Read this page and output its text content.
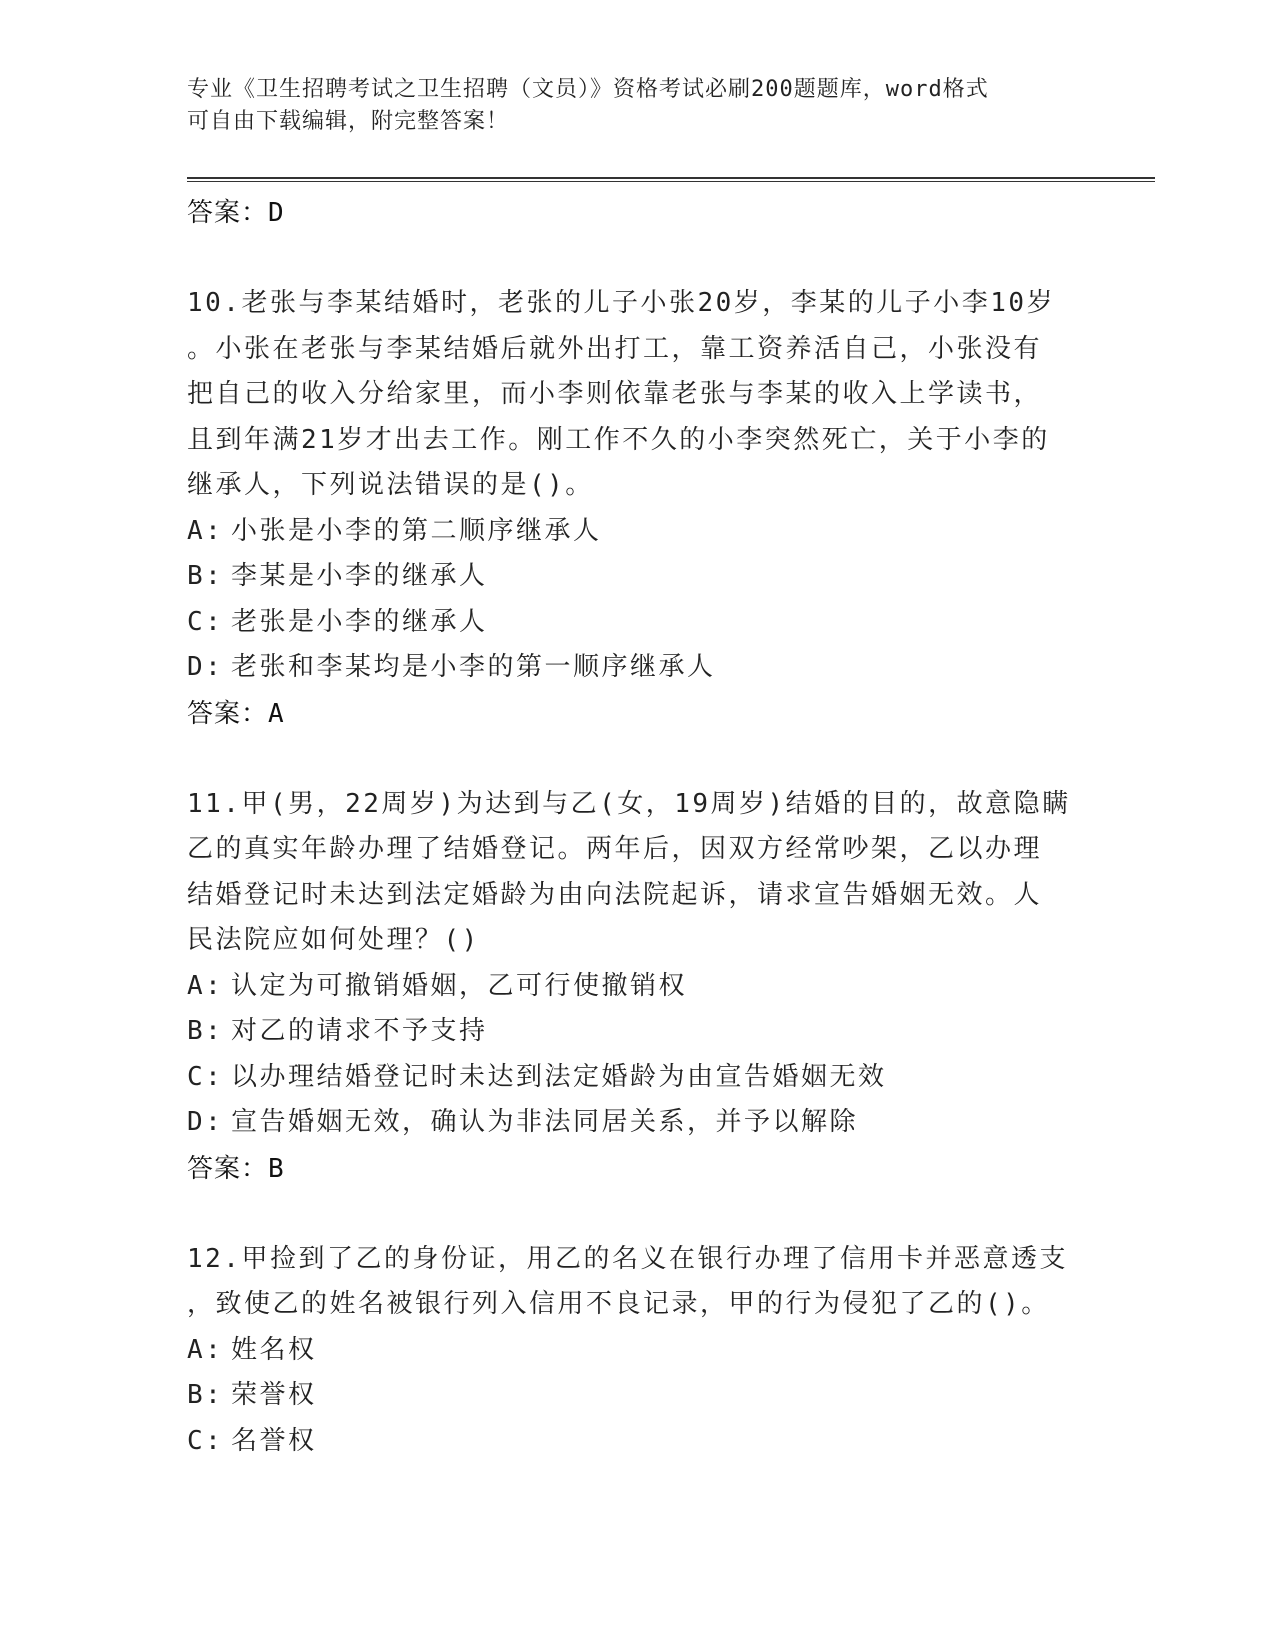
专业《卫生招聘考试之卫生招聘（文员）》资格考试必刷200题题库，word格式
可自由下载编辑，附完整答案！
答案：D
10.老张与李某结婚时，老张的儿子小张20岁，李某的儿子小李10岁
。小张在老张与李某结婚后就外出打工，靠工资养活自己，小张没有
把自己的收入分给家里，而小李则依靠老张与李某的收入上学读书，
且到年满21岁才出去工作。刚工作不久的小李突然死亡，关于小李的
继承人，下列说法错误的是()。
A: 小张是小李的第二顺序继承人
B: 李某是小李的继承人
C: 老张是小李的继承人
D: 老张和李某均是小李的第一顺序继承人
答案：A
11.甲(男，22周岁)为达到与乙(女，19周岁)结婚的目的，故意隐瞒
乙的真实年龄办理了结婚登记。两年后，因双方经常吵架，乙以办理
结婚登记时未达到法定婚龄为由向法院起诉，请求宣告婚姻无效。人
民法院应如何处理？()
A: 认定为可撤销婚姻，乙可行使撤销权
B: 对乙的请求不予支持
C: 以办理结婚登记时未达到法定婚龄为由宣告婚姻无效
D: 宣告婚姻无效，确认为非法同居关系，并予以解除
答案：B
12.甲捡到了乙的身份证，用乙的名义在银行办理了信用卡并恶意透支
，致使乙的姓名被银行列入信用不良记录，甲的行为侵犯了乙的()。
A: 姓名权
B: 荣誉权
C: 名誉权
